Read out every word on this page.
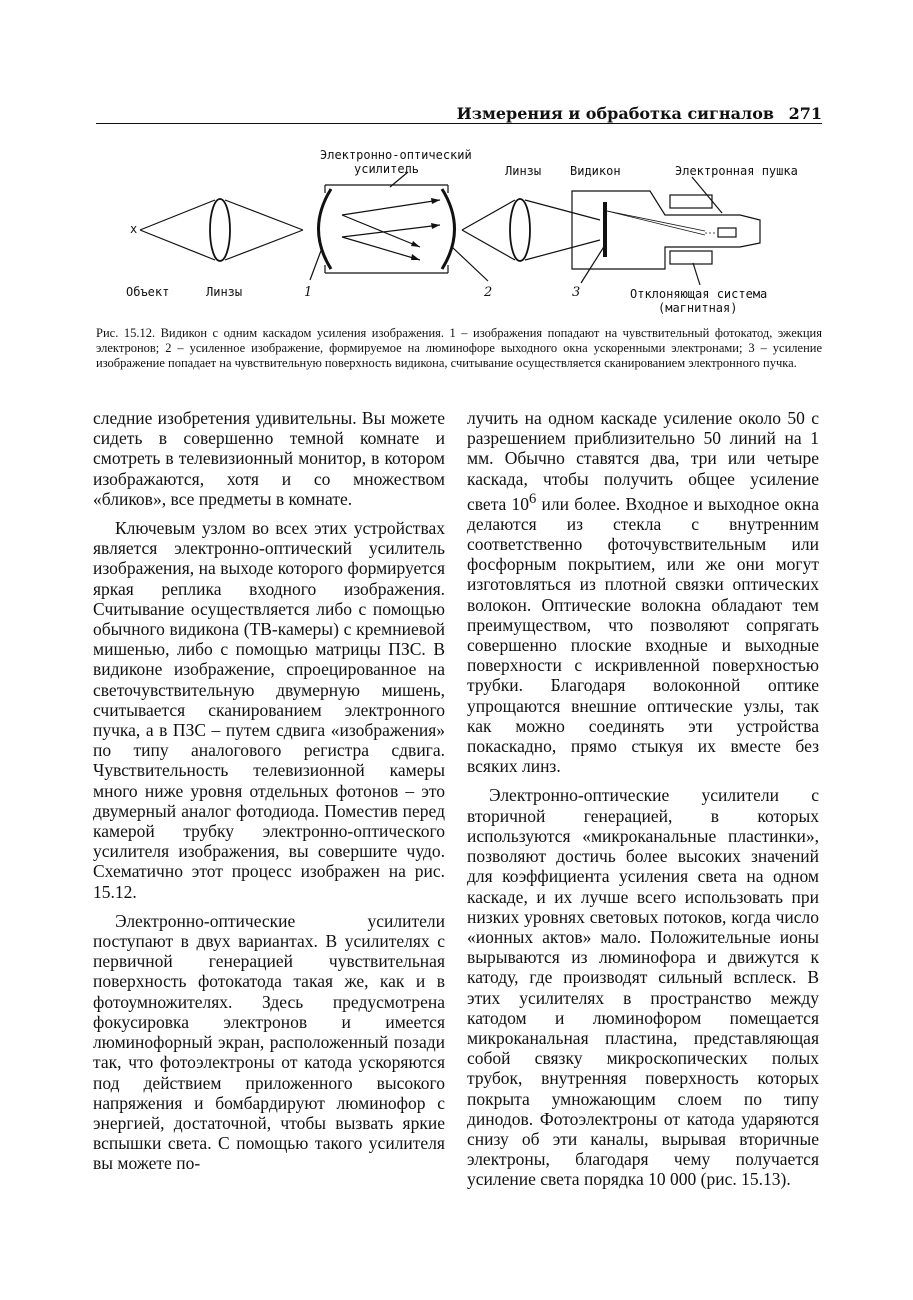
Измерения и обработка сигналов 271
Электронно-оптический
усилитель	Линзы Видикон	Электронная пушка
x
Объект	Линзы	1	2	3	Отклоняющая система
(магнитная)
Рис. 15.12. Видикон с одним каскадом усиления изображения. 1 – изображения попадают на чувствительный фотокатод, эжекция электронов; 2 – усиленное изображение, формируемое на люминофоре выходного окна ускоренными электронами; 3 – усиление изображение попадает на чувствительную поверхность видикона, считывание осуществляется сканированием электронного пучка.

следние изобретения удивительны. Вы можете сидеть в совершенно темной комнате и смотреть в телевизионный монитор, в котором изображаются, хотя и со множеством «бликов», все предметы в комнате.

Ключевым узлом во всех этих устройствах является электронно-оптический усилитель изображения, на выходе которого формируется яркая реплика входного изображения. Считывание осуществляется либо с помощью обычного видикона (ТВ-камеры) с кремниевой мишенью, либо с помощью матрицы ПЗС. В видиконе изображение, спроецированное на светочувствительную двумерную мишень, считывается сканированием электронного пучка, а в ПЗС – путем сдвига «изображения» по типу аналогового регистра сдвига. Чувствительность телевизионной камеры много ниже уровня отдельных фотонов – это двумерный аналог фотодиода. Поместив перед камерой трубку электронно-оптического усилителя изображения, вы совершите чудо. Схематично этот процесс изображен на рис. 15.12.

Электронно-оптические усилители поступают в двух вариантах. В усилителях с первичной генерацией чувствительная поверхность фотокатода такая же, как и в фотоумножителях. Здесь предусмотрена фокусировка электронов и имеется люминофорный экран, расположенный позади так, что фотоэлектроны от катода ускоряются под действием приложенного высокого напряжения и бомбардируют люминофор с энергией, достаточной, чтобы вызвать яркие вспышки света. С помощью такого усилителя вы можете по-

лучить на одном каскаде усиление около 50 с разрешением приблизительно 50 линий на 1 мм. Обычно ставятся два, три или четыре каскада, чтобы получить общее усиление света $10^6$ или более. Входное и выходное окна делаются из стекла с внутренним соответственно фоточувствительным или фосфорным покрытием, или же они могут изготовляться из плотной связки оптических волокон. Оптические волокна обладают тем преимуществом, что позволяют сопрягать совершенно плоские входные и выходные поверхности с искривленной поверхностью трубки. Благодаря волоконной оптике упрощаются внешние оптические узлы, так как можно соединять эти устройства покаскадно, прямо стыкуя их вместе без всяких линз.

Электронно-оптические усилители с вторичной генерацией, в которых используются «микроканальные пластинки», позволяют достичь более высоких значений для коэффициента усиления света на одном каскаде, и их лучше всего использовать при низких уровнях световых потоков, когда число «ионных актов» мало. Положительные ионы вырываются из люминофора и движутся к катоду, где производят сильный всплеск. В этих усилителях в пространство между катодом и люминофором помещается микроканальная пластина, представляющая собой связку микроскопических полых трубок, внутренняя поверхность которых покрыта умножающим слоем по типу динодов. Фотоэлектроны от катода ударяются снизу об эти каналы, вырывая вторичные электроны, благодаря чему получается усиление света порядка 10 000 (рис. 15.13).
